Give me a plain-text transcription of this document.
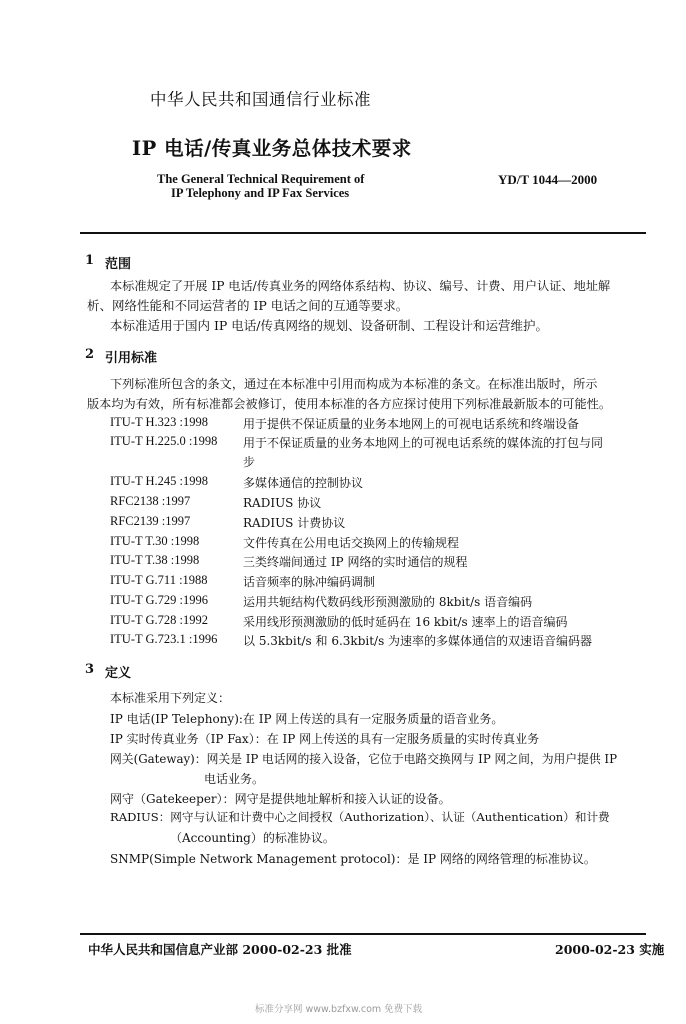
中华人民共和国通信行业标准
IP 电话/传真业务总体技术要求
The General Technical Requirement of
IP Telephony and IP Fax Services
YD/T 1044—2000
1 范围
本标准规定了开展 IP 电话/传真业务的网络体系结构、协议、编号、计费、用户认证、地址解
析、网络性能和不同运营者的 IP 电话之间的互通等要求。
本标准适用于国内 IP 电话/传真网络的规划、设备研制、工程设计和运营维护。
2 引用标准
下列标准所包含的条文，通过在本标准中引用而构成为本标准的条文。在标准出版时，所示
版本均为有效，所有标准都会被修订，使用本标准的各方应探讨使用下列标准最新版本的可能性。
ITU-T H.323 :1998	用于提供不保证质量的业务本地网上的可视电话系统和终端设备
ITU-T H.225.0 :1998 用于不保证质量的业务本地网上的可视电话系统的媒体流的打包与同
步
ITU-T H.245 :1998	多媒体通信的控制协议
RFC2138 :1997	RADIUS 协议
RFC2139 :1997	RADIUS 计费协议
ITU-T T.30 :1998	文件传真在公用电话交换网上的传输规程
ITU-T T.38 :1998	三类终端间通过 IP 网络的实时通信的规程
ITU-T G.711 :1988	话音频率的脉冲编码调制
ITU-T G.729 :1996	运用共轭结构代数码线形预测激励的 8kbit/s 语音编码
ITU-T G.728 :1992	采用线形预测激励的低时延码在 16 kbit/s 速率上的语音编码
ITU-T G.723.1 :1996 以 5.3kbit/s 和 6.3kbit/s 为速率的多媒体通信的双速语音编码器
3 定义
本标准采用下列定义：
IP 电话(IP Telephony):在 IP 网上传送的具有一定服务质量的语音业务。
IP 实时传真业务（IP Fax）：在 IP 网上传送的具有一定服务质量的实时传真业务
网关(Gateway)：网关是 IP 电话网的接入设备，它位于电路交换网与 IP 网之间，为用户提供 IP
电话业务。
网守（Gatekeeper）：网守是提供地址解析和接入认证的设备。
RADIUS：网守与认证和计费中心之间授权（Authorization）、认证（Authentication）和计费
（Accounting）的标准协议。
SNMP(Simple Network Management protocol)：是 IP 网络的网络管理的标准协议。
中华人民共和国信息产业部 2000-02-23 批准	2000-02-23 实施
标准分享网 www.bzfxw.com 免费下载
